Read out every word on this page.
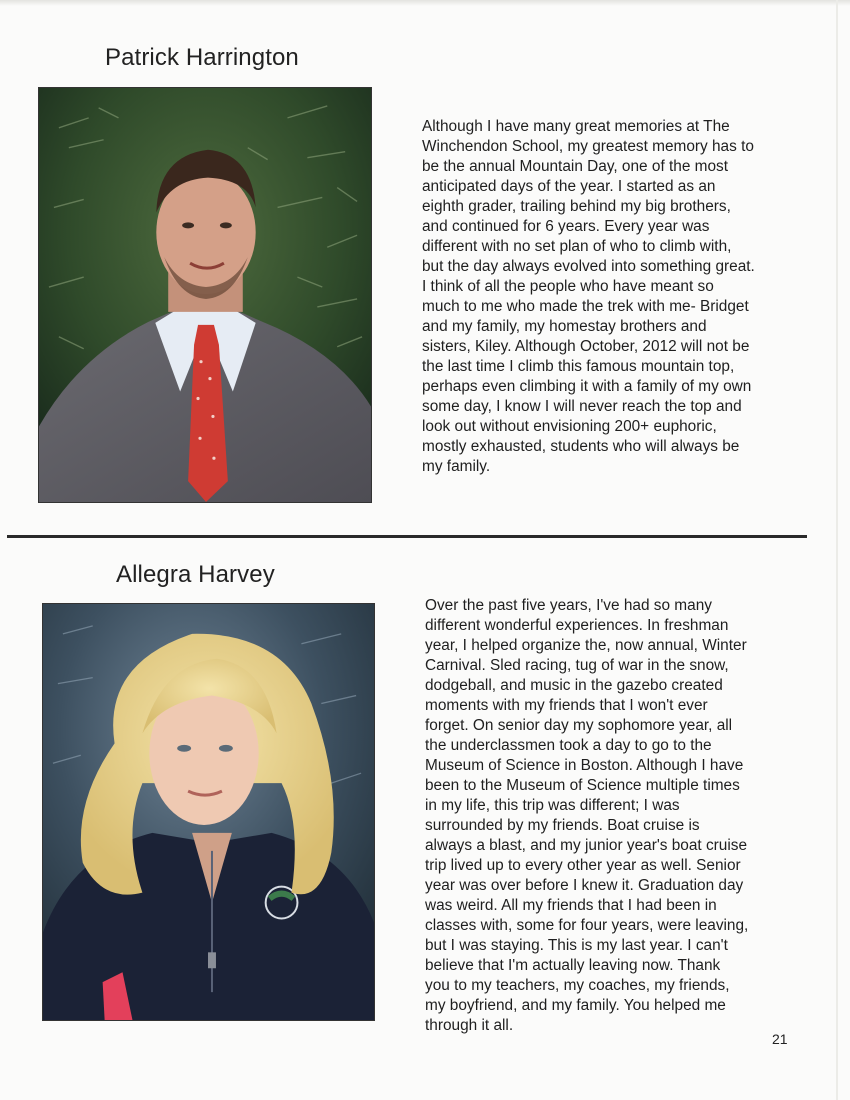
Patrick Harrington
Although I have many great memories at The
Winchendon School, my greatest memory has to
be the annual Mountain Day, one of the most
anticipated days of the year. I started as an
eighth grader, trailing behind my big brothers,
and continued for 6 years. Every year was
different with no set plan of who to climb with,
but the day always evolved into something great.
I think of all the people who have meant so
much to me who made the trek with me- Bridget
and my family, my homestay brothers and
sisters, Kiley. Although October, 2012 will not be
the last time I climb this famous mountain top,
perhaps even climbing it with a family of my own
some day, I know I will never reach the top and
look out without envisioning 200+ euphoric,
mostly exhausted, students who will always be
my family.
Allegra Harvey
Over the past five years, I've had so many
different wonderful experiences. In freshman
year, I helped organize the, now annual, Winter
Carnival. Sled racing, tug of war in the snow,
dodgeball, and music in the gazebo created
moments with my friends that I won't ever
forget. On senior day my sophomore year, all
the underclassmen took a day to go to the
Museum of Science in Boston. Although I have
been to the Museum of Science multiple times
in my life, this trip was different; I was
surrounded by my friends. Boat cruise is
always a blast, and my junior year's boat cruise
trip lived up to every other year as well. Senior
year was over before I knew it. Graduation day
was weird. All my friends that I had been in
classes with, some for four years, were leaving,
but I was staying. This is my last year. I can't
believe that I'm actually leaving now. Thank
you to my teachers, my coaches, my friends,
my boyfriend, and my family. You helped me
through it all.
21
